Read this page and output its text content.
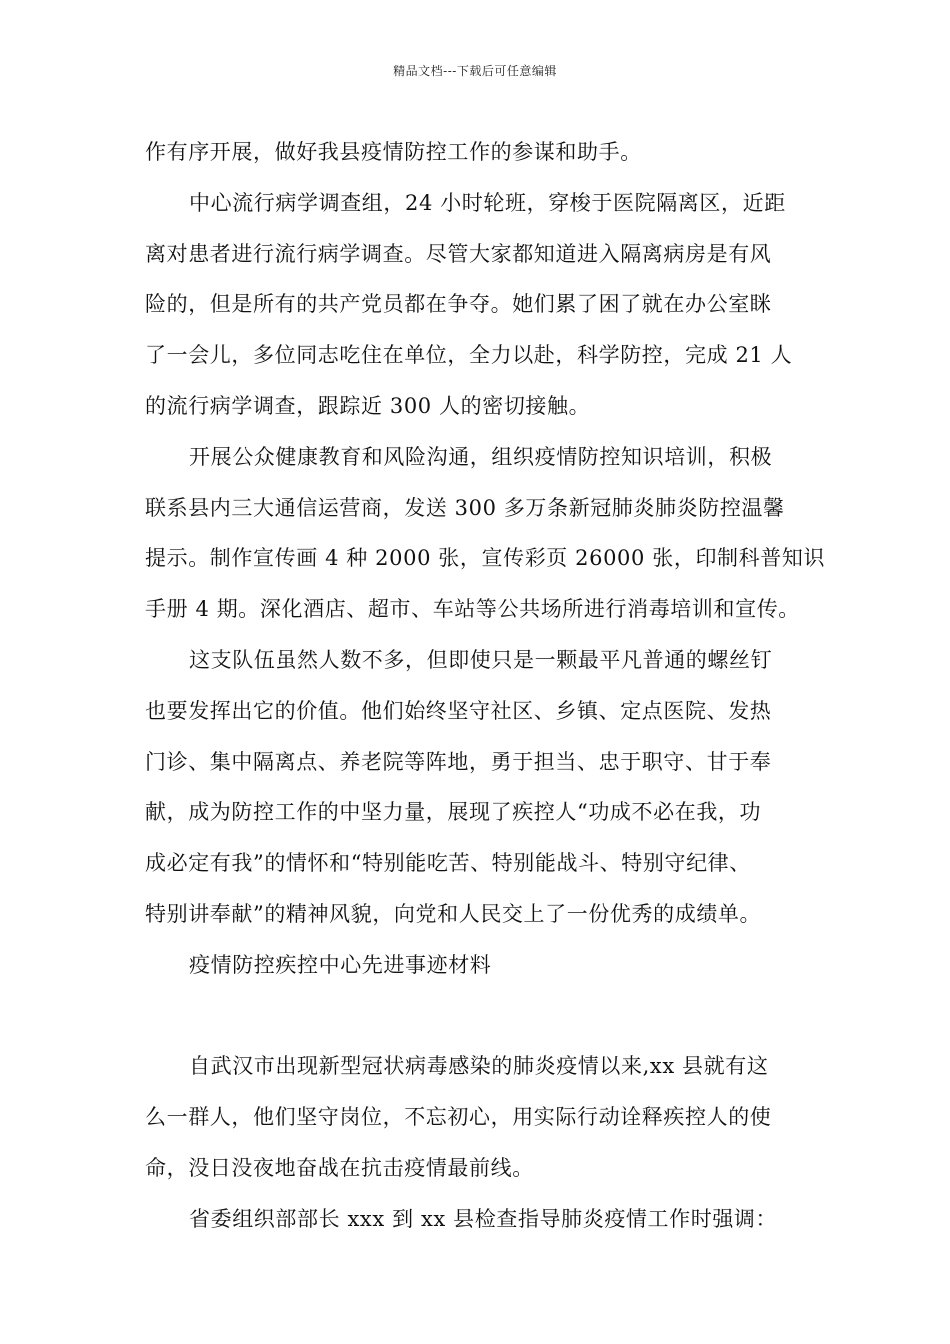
精品文档---下载后可任意编辑
作有序开展，做好我县疫情防控工作的参谋和助手。
中心流行病学调查组，24 小时轮班，穿梭于医院隔离区，近距
离对患者进行流行病学调查。尽管大家都知道进入隔离病房是有风
险的，但是所有的共产党员都在争夺。她们累了困了就在办公室眯
了一会儿，多位同志吃住在单位，全力以赴，科学防控，完成 21 人
的流行病学调查，跟踪近 300 人的密切接触。
开展公众健康教育和风险沟通，组织疫情防控知识培训，积极
联系县内三大通信运营商，发送 300 多万条新冠肺炎肺炎防控温馨
提示。制作宣传画 4 种 2000 张，宣传彩页 26000 张，印制科普知识
手册 4 期。深化酒店、超市、车站等公共场所进行消毒培训和宣传。
这支队伍虽然人数不多，但即使只是一颗最平凡普通的螺丝钉
也要发挥出它的价值。他们始终坚守社区、乡镇、定点医院、发热
门诊、集中隔离点、养老院等阵地，勇于担当、忠于职守、甘于奉
献，成为防控工作的中坚力量，展现了疾控人“功成不必在我，功
成必定有我”的情怀和“特别能吃苦、特别能战斗、特别守纪律、
特别讲奉献”的精神风貌，向党和人民交上了一份优秀的成绩单。
疫情防控疾控中心先进事迹材料
自武汉市出现新型冠状病毒感染的肺炎疫情以来,xx 县就有这
么一群人，他们坚守岗位，不忘初心，用实际行动诠释疾控人的使
命，没日没夜地奋战在抗击疫情最前线。
省委组织部部长 xxx 到 xx 县检查指导肺炎疫情工作时强调：
